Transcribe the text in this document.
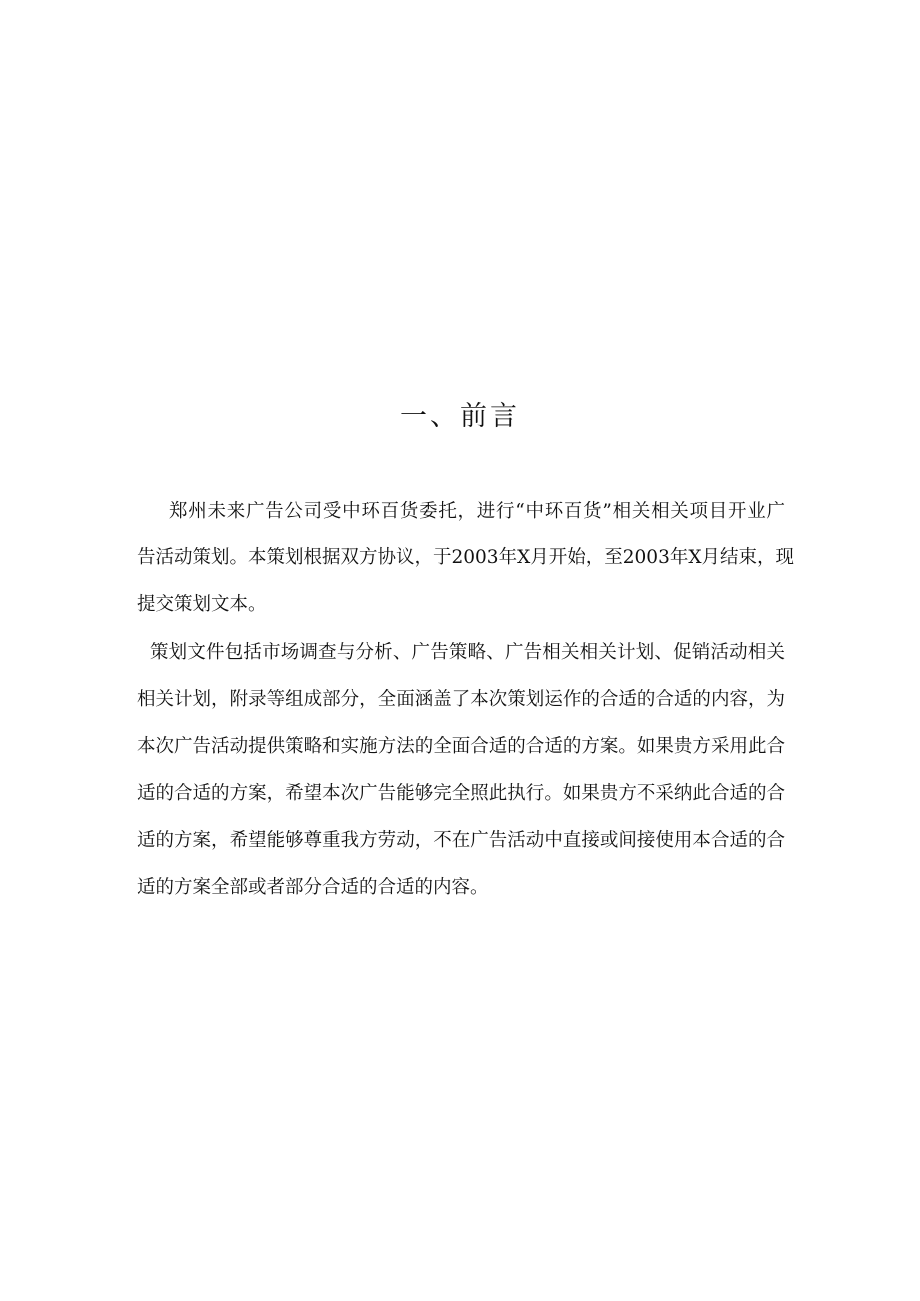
一、前言

郑州未来广告公司受中环百货委托，进行“中环百货”相关相关项目开业广

告活动策划。本策划根据双方协议，于2003年X月开始，至2003年X月结束，现

提交策划文本。

策划文件包括市场调查与分析、广告策略、广告相关相关计划、促销活动相关

相关计划，附录等组成部分，全面涵盖了本次策划运作的合适的合适的内容，为

本次广告活动提供策略和实施方法的全面合适的合适的方案。如果贵方采用此合

适的合适的方案，希望本次广告能够完全照此执行。如果贵方不采纳此合适的合

适的方案，希望能够尊重我方劳动，不在广告活动中直接或间接使用本合适的合

适的方案全部或者部分合适的合适的内容。
